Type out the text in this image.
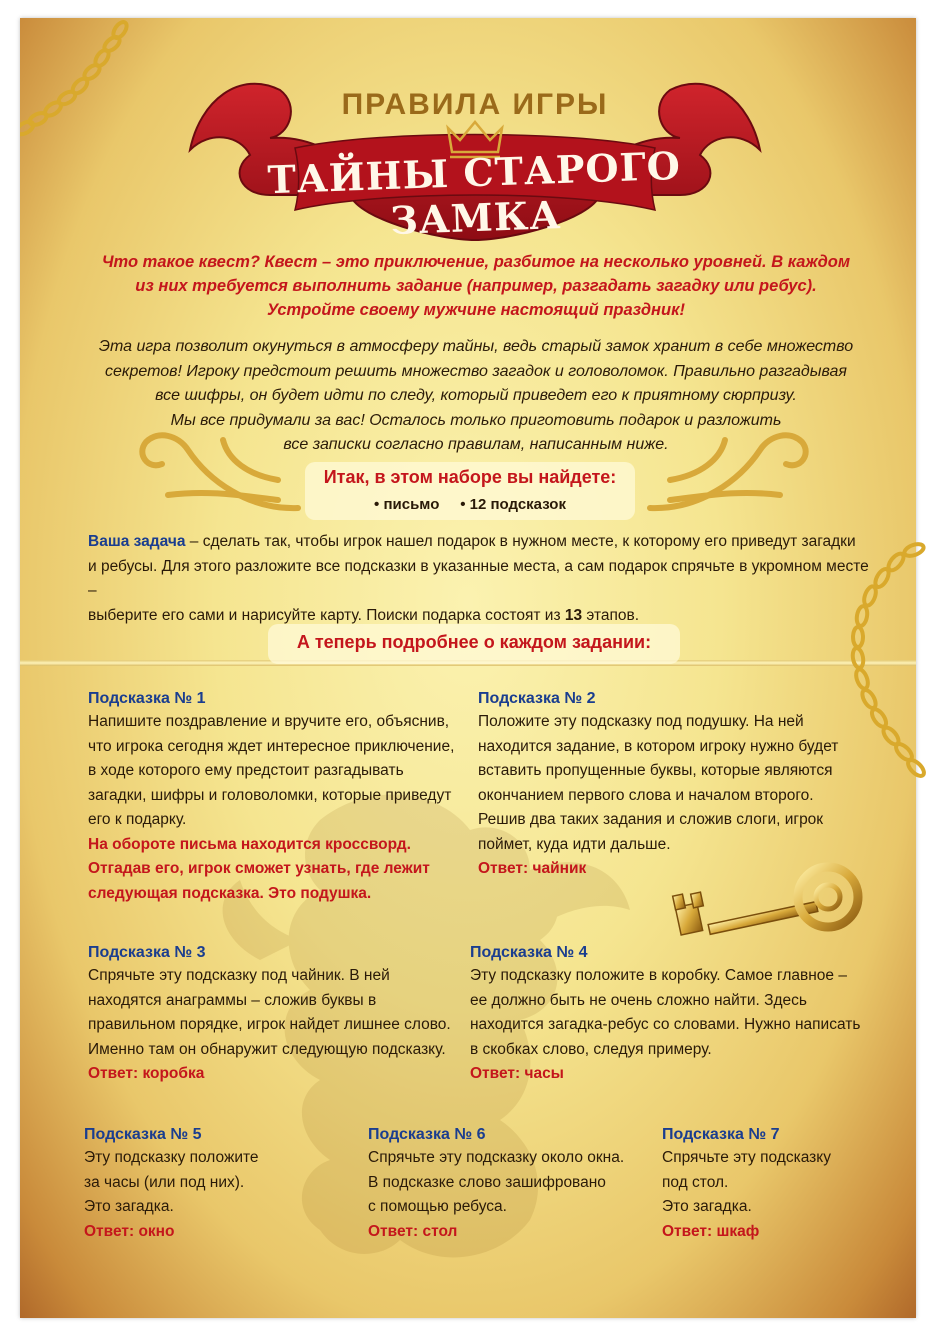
ПРАВИЛА ИГРЫ
ТАЙНЫ СТАРОГО ЗАМКА
Что такое квест? Квест – это приключение, разбитое на несколько уровней. В каждом
из них требуется выполнить задание (например, разгадать загадку или ребус).
Устройте своему мужчине настоящий праздник!
Эта игра позволит окунуться в атмосферу тайны, ведь старый замок хранит в себе множество
секретов! Игроку предстоит решить множество загадок и головоломок. Правильно разгадывая
все шифры, он будет идти по следу, который приведет его к приятному сюрпризу.
Мы все придумали за вас! Осталось только приготовить подарок и разложить
все записки согласно правилам, написанным ниже.
Итак, в этом наборе вы найдете:
• письмо • 12 подсказок
Ваша задача – сделать так, чтобы игрок нашел подарок в нужном месте, к которому его приведут загадки
и ребусы. Для этого разложите все подсказки в указанные места, а сам подарок спрячьте в укромном месте –
выберите его сами и нарисуйте карту. Поиски подарка состоят из 13 этапов.
А теперь подробнее о каждом задании:
Подсказка № 1
Напишите поздравление и вручите его, объяснив,
что игрока сегодня ждет интересное приключение,
в ходе которого ему предстоит разгадывать
загадки, шифры и головоломки, которые приведут
его к подарку.
На обороте письма находится кроссворд.
Отгадав его, игрок сможет узнать, где лежит
следующая подсказка. Это подушка.
Подсказка № 2
Положите эту подсказку под подушку. На ней
находится задание, в котором игроку нужно будет
вставить пропущенные буквы, которые являются
окончанием первого слова и началом второго.
Решив два таких задания и сложив слоги, игрок
поймет, куда идти дальше.
Ответ: чайник
Подсказка № 3
Спрячьте эту подсказку под чайник. В ней
находятся анаграммы – сложив буквы в
правильном порядке, игрок найдет лишнее слово.
Именно там он обнаружит следующую подсказку.
Ответ: коробка
Подсказка № 4
Эту подсказку положите в коробку. Самое главное –
ее должно быть не очень сложно найти. Здесь
находится загадка-ребус со словами. Нужно написать
в скобках слово, следуя примеру.
Ответ: часы
Подсказка № 5
Эту подсказку положите
за часы (или под них).
Это загадка.
Ответ: окно
Подсказка № 6
Спрячьте эту подсказку около окна.
В подсказке слово зашифровано
с помощью ребуса.
Ответ: стол
Подсказка № 7
Спрячьте эту подсказку
под стол.
Это загадка.
Ответ: шкаф
